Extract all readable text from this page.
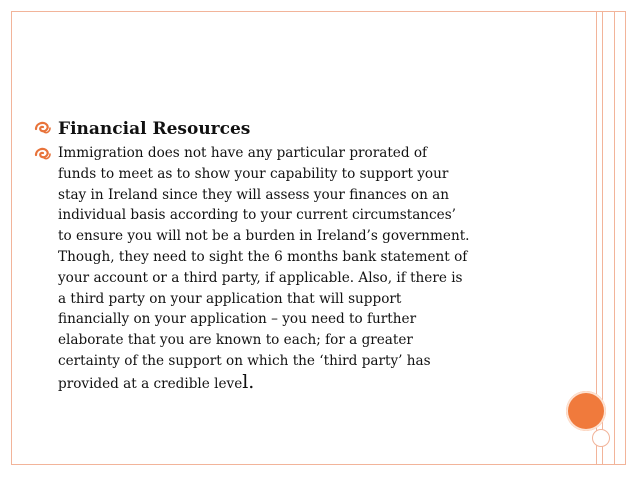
Financial Resources
Immigration does not have any particular prorated of
funds to meet as to show your capability to support your
stay in Ireland since they will assess your finances on an
individual basis according to your current circumstances’
to ensure you will not be a burden in Ireland’s government.
Though, they need to sight the 6 months bank statement of
your account or a third party, if applicable. Also, if there is
a third party on your application that will support
financially on your application – you need to further
elaborate that you are known to each; for a greater
certainty of the support on which the ‘third party’ has
provided at a credible level.
